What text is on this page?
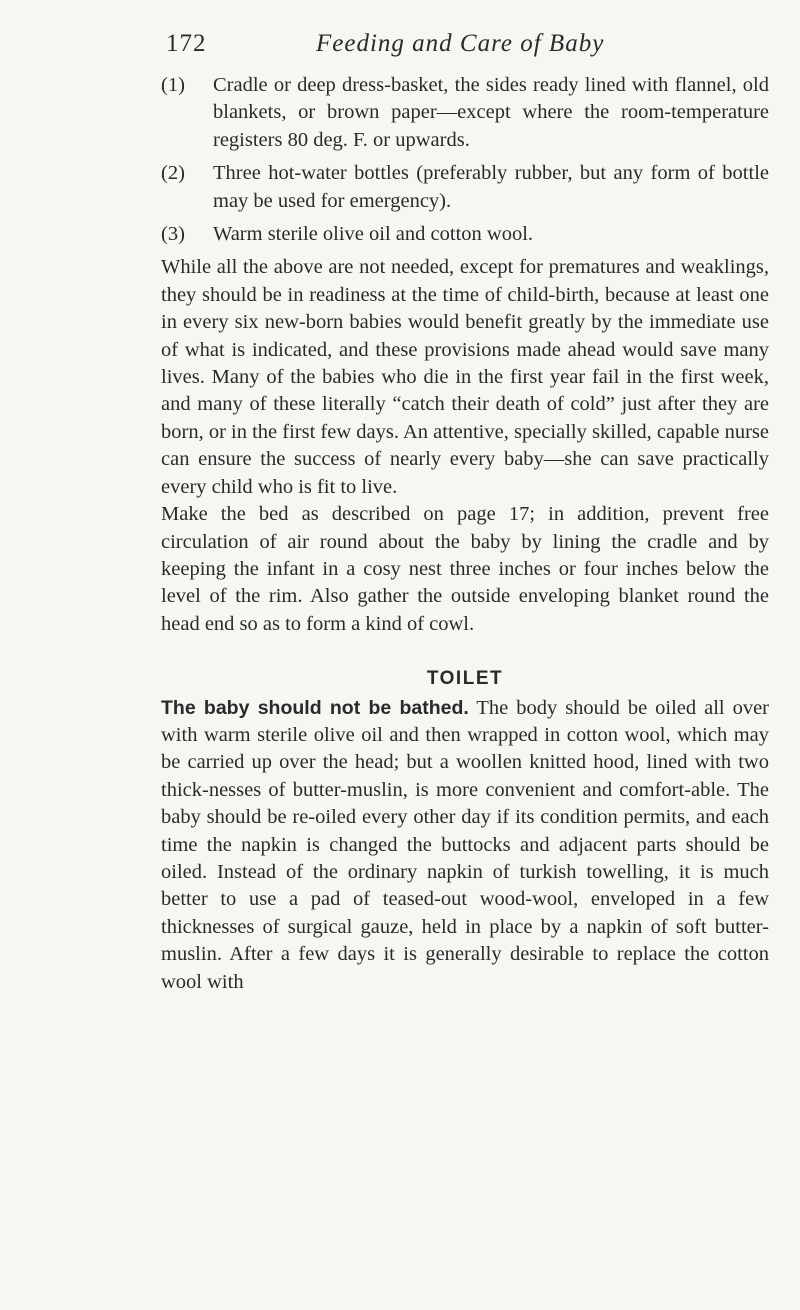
172	Feeding and Care of Baby

(1) Cradle or deep dress-basket, the sides ready lined with flannel, old blankets, or brown paper—except where the room-temperature registers 80 deg. F. or upwards.

(2) Three hot-water bottles (preferably rubber, but any form of bottle may be used for emergency).

(3) Warm sterile olive oil and cotton wool.

While all the above are not needed, except for prematures and weaklings, they should be in readiness at the time of child-birth, because at least one in every six new-born babies would benefit greatly by the immediate use of what is indicated, and these provisions made ahead would save many lives. Many of the babies who die in the first year fail in the first week, and many of these literally “catch their death of cold” just after they are born, or in the first few days. An attentive, specially skilled, capable nurse can ensure the success of nearly every baby—she can save practically every child who is fit to live.

Make the bed as described on page 17; in addition, prevent free circulation of air round about the baby by lining the cradle and by keeping the infant in a cosy nest three inches or four inches below the level of the rim. Also gather the outside enveloping blanket round the head end so as to form a kind of cowl.

TOILET

The baby should not be bathed. The body should be oiled all over with warm sterile olive oil and then wrapped in cotton wool, which may be carried up over the head; but a woollen knitted hood, lined with two thick-nesses of butter-muslin, is more convenient and comfort-able. The baby should be re-oiled every other day if its condition permits, and each time the napkin is changed the buttocks and adjacent parts should be oiled. Instead of the ordinary napkin of turkish towelling, it is much better to use a pad of teased-out wood-wool, enveloped in a few thicknesses of surgical gauze, held in place by a napkin of soft butter-muslin. After a few days it is generally desirable to replace the cotton wool with
